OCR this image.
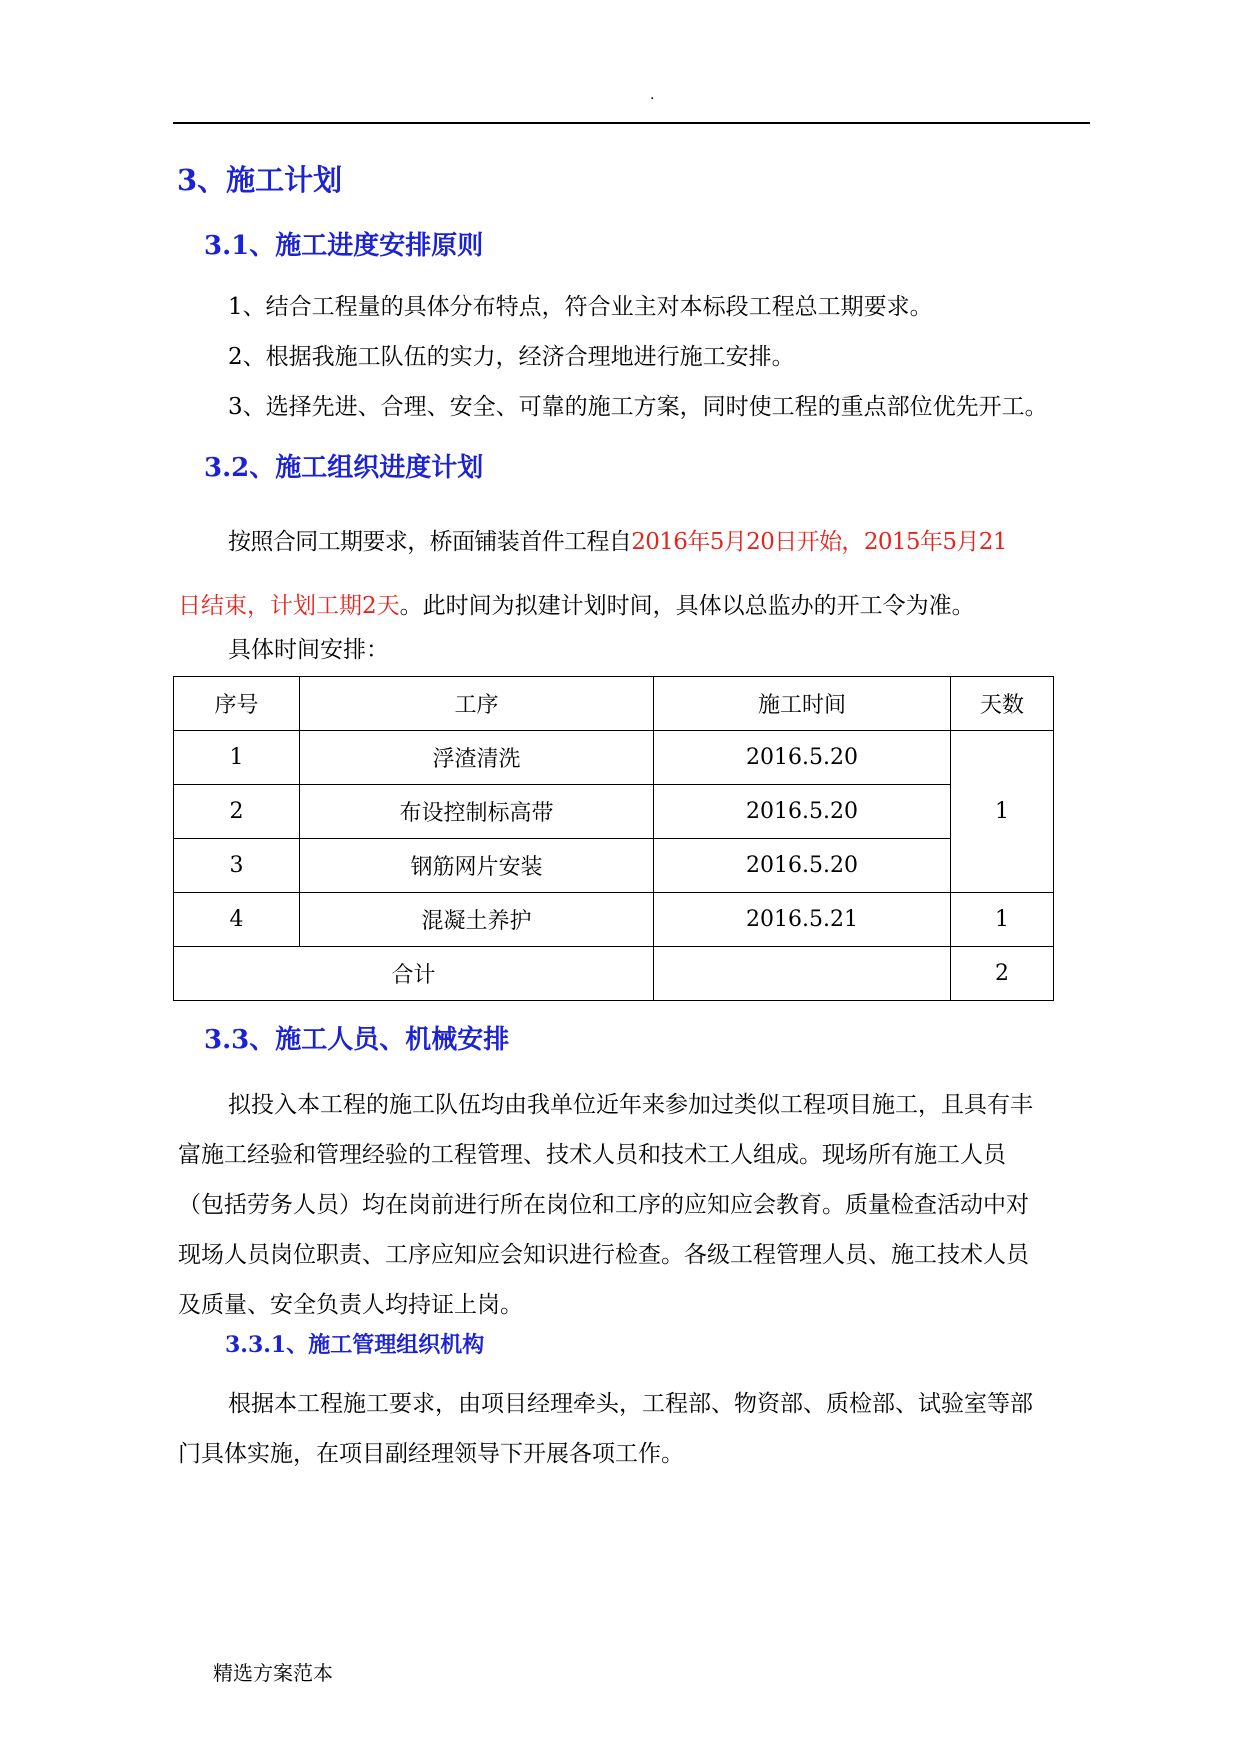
.
3、施工计划
3.1、施工进度安排原则
1、结合工程量的具体分布特点，符合业主对本标段工程总工期要求。
2、根据我施工队伍的实力，经济合理地进行施工安排。
3、选择先进、合理、安全、可靠的施工方案，同时使工程的重点部位优先开工。
3.2、施工组织进度计划
按照合同工期要求，桥面铺装首件工程自2016年5月20日开始，2015年5月21
日结束，计划工期2天。此时间为拟建计划时间，具体以总监办的开工令为准。
具体时间安排：
序号	工序	施工时间	天数
1	浮渣清洗	2016.5.20	1
2	布设控制标高带	2016.5.20	
3	钢筋网片安装	2016.5.20	
4	混凝土养护	2016.5.21	1
合计			2
3.3、施工人员、机械安排
拟投入本工程的施工队伍均由我单位近年来参加过类似工程项目施工，且具有丰
富施工经验和管理经验的工程管理、技术人员和技术工人组成。现场所有施工人员
（包括劳务人员）均在岗前进行所在岗位和工序的应知应会教育。质量检查活动中对
现场人员岗位职责、工序应知应会知识进行检查。各级工程管理人员、施工技术人员
及质量、安全负责人均持证上岗。
3.3.1、施工管理组织机构
根据本工程施工要求，由项目经理牵头，工程部、物资部、质检部、试验室等部
门具体实施，在项目副经理领导下开展各项工作。
精选方案范本
